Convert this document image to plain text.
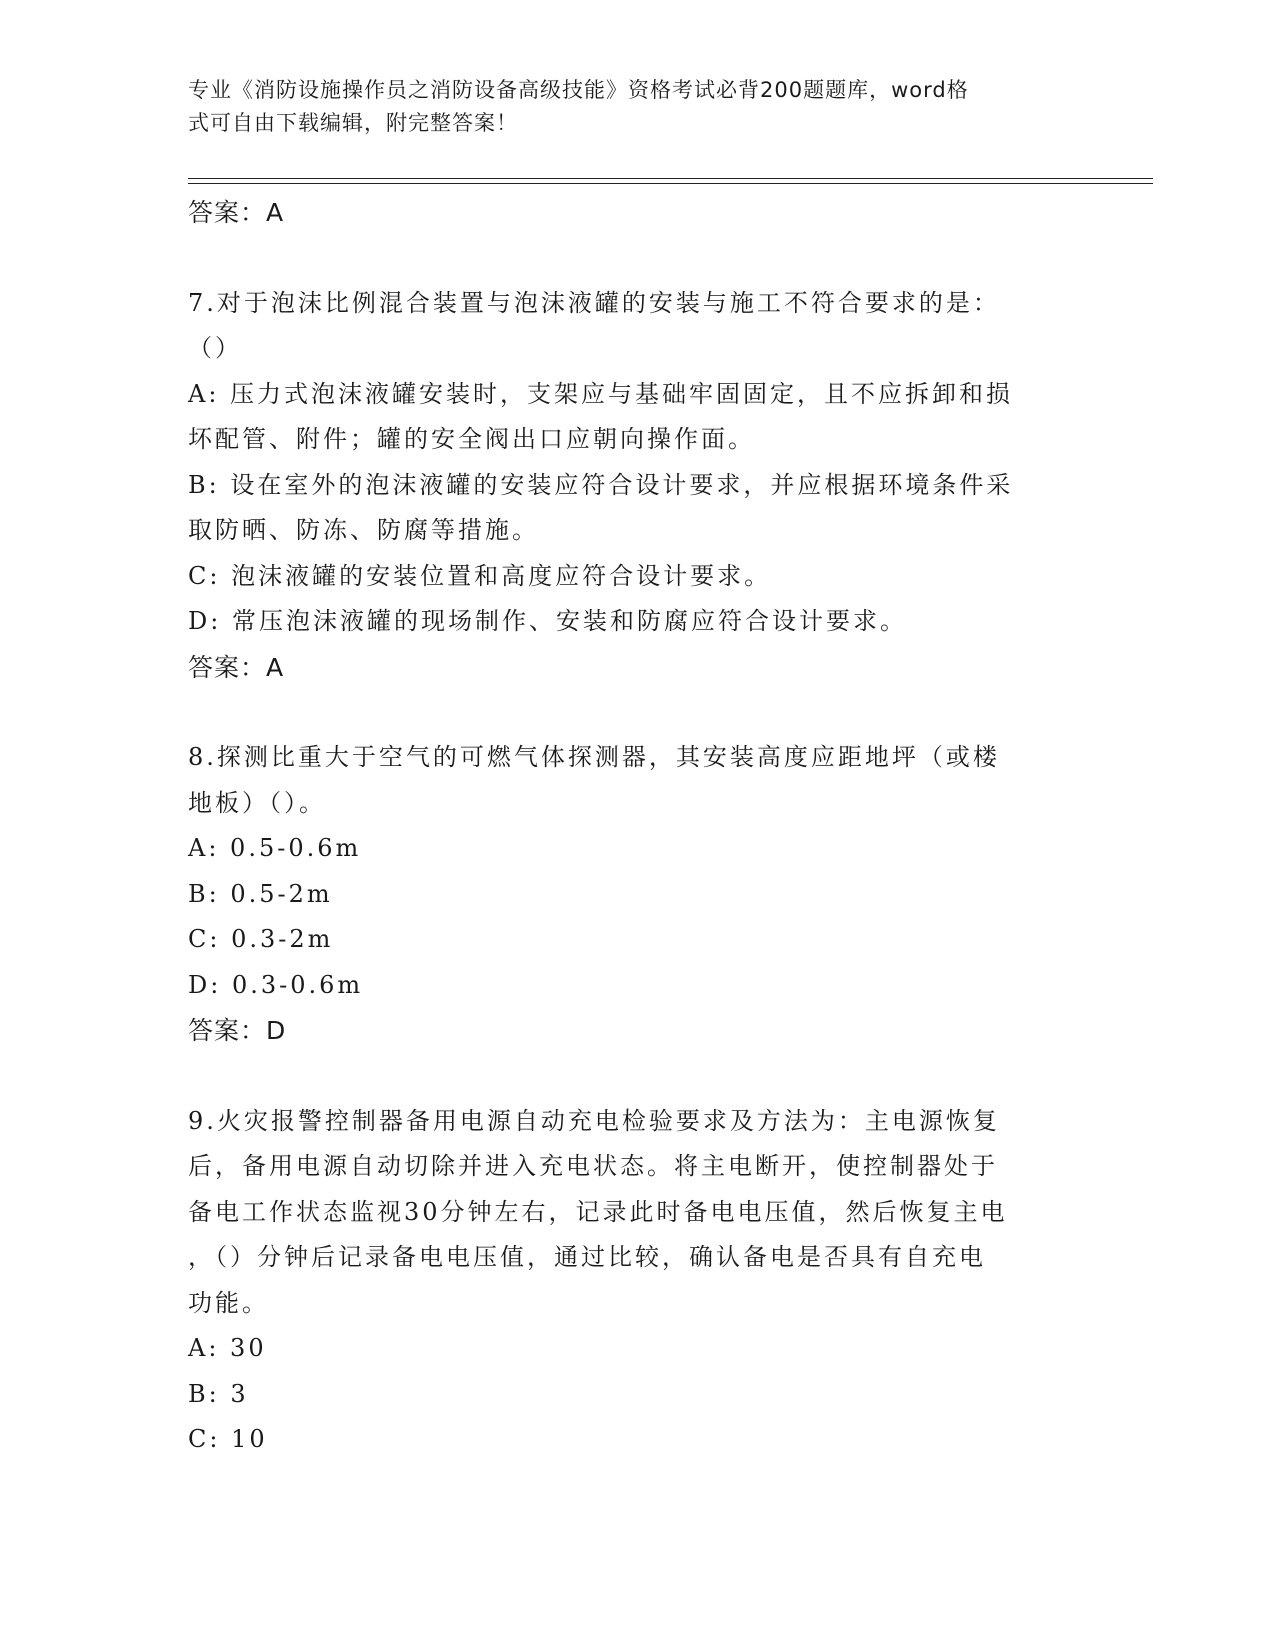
专业《消防设施操作员之消防设备高级技能》资格考试必背200题题库，word格
式可自由下载编辑，附完整答案！

答案：A

7.对于泡沫比例混合装置与泡沫液罐的安装与施工不符合要求的是：

（）

A: 压力式泡沫液罐安装时，支架应与基础牢固固定，且不应拆卸和损

坏配管、附件；罐的安全阀出口应朝向操作面。

B: 设在室外的泡沫液罐的安装应符合设计要求，并应根据环境条件采

取防晒、防冻、防腐等措施。

C: 泡沫液罐的安装位置和高度应符合设计要求。

D: 常压泡沫液罐的现场制作、安装和防腐应符合设计要求。

答案：A

8.探测比重大于空气的可燃气体探测器，其安装高度应距地坪（或楼

地板）（）。

A: 0.5-0.6m

B: 0.5-2m

C: 0.3-2m

D: 0.3-0.6m

答案：D

9.火灾报警控制器备用电源自动充电检验要求及方法为：主电源恢复

后，备用电源自动切除并进入充电状态。将主电断开，使控制器处于

备电工作状态监视30分钟左右，记录此时备电电压值，然后恢复主电

，（）分钟后记录备电电压值，通过比较，确认备电是否具有自充电

功能。

A: 30

B: 3

C: 10
